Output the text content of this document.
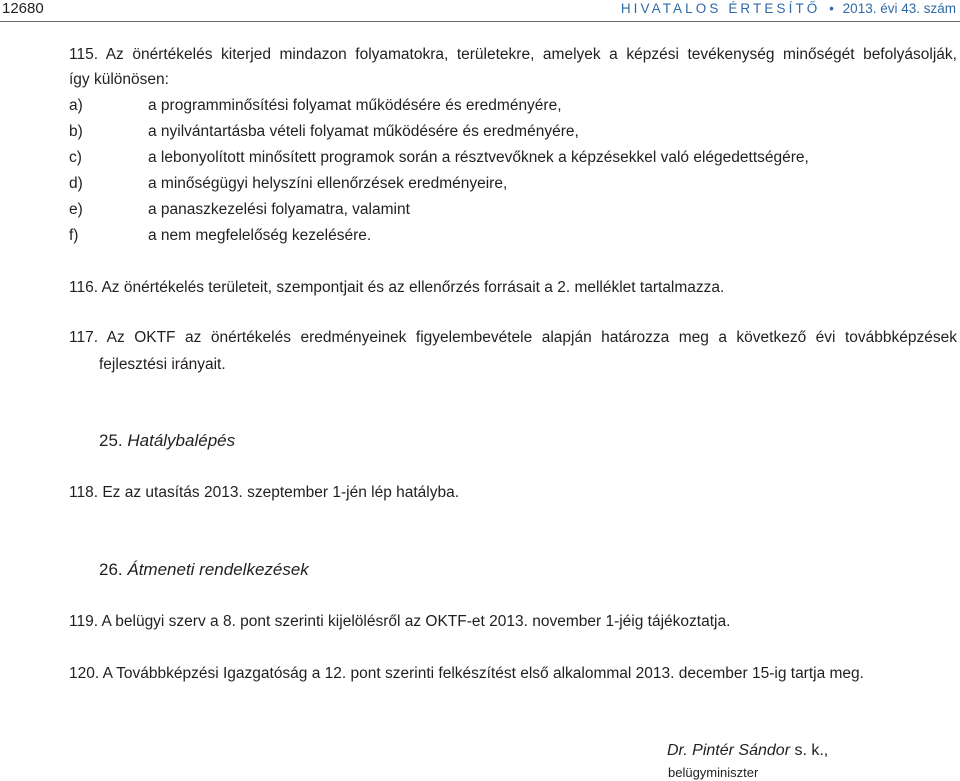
12680	HIVATALOS ÉRTESÍTŐ • 2013. évi 43. szám
115. Az önértékelés kiterjed mindazon folyamatokra, területekre, amelyek a képzési tevékenység minőségét befolyásolják,
így különösen:
a)	a programminősítési folyamat működésére és eredményére,
b)	a nyilvántartásba vételi folyamat működésére és eredményére,
c)	a lebonyolított minősített programok során a résztvevőknek a képzésekkel való elégedettségére,
d)	a minőségügyi helyszíni ellenőrzések eredményeire,
e)	a panaszkezelési folyamatra, valamint
f)	a nem megfelelőség kezelésére.
116. Az önértékelés területeit, szempontjait és az ellenőrzés forrásait a 2. melléklet tartalmazza.
117. Az OKTF az önértékelés eredményeinek figyelembevétele alapján határozza meg a következő évi továbbképzések
fejlesztési irányait.
25. Hatálybalépés
118. Ez az utasítás 2013. szeptember 1-jén lép hatályba.
26. Átmeneti rendelkezések
119. A belügyi szerv a 8. pont szerinti kijelölésről az OKTF-et 2013. november 1-jéig tájékoztatja.
120. A Továbbképzési Igazgatóság a 12. pont szerinti felkészítést első alkalommal 2013. december 15-ig tartja meg.
Dr. Pintér Sándor s. k.,
belügyminiszter
